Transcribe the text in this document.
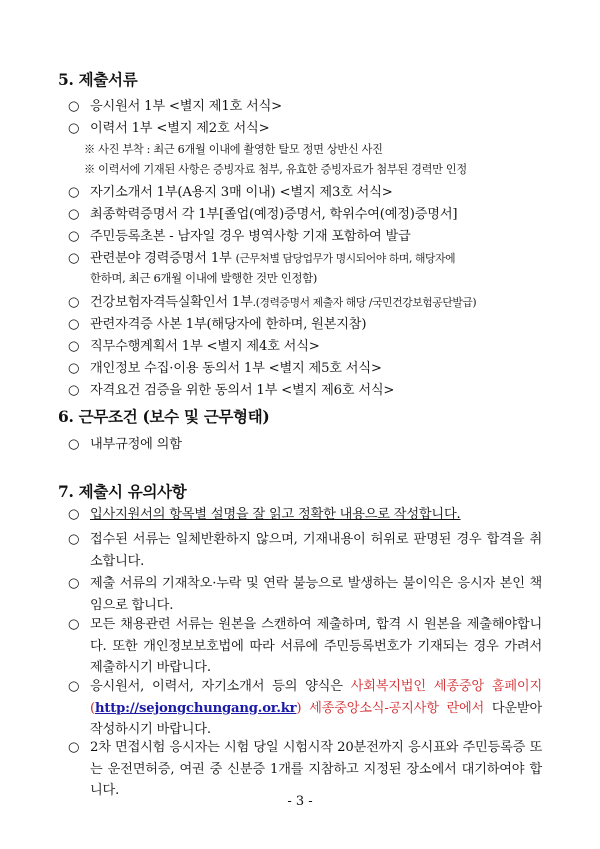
5. 제출서류
○ 응시원서 1부 <별지 제1호 서식>
○ 이력서 1부 <별지 제2호 서식>
※ 사진 부착 : 최근 6개월 이내에 촬영한 탈모 정면 상반신 사진
※ 이력서에 기재된 사항은 증빙자료 첨부, 유효한 증빙자료가 첨부된 경력만 인정
○ 자기소개서 1부(A용지 3매 이내) <별지 제3호 서식>
○ 최종학력증명서 각 1부[졸업(예정)증명서, 학위수여(예정)증명서]
○ 주민등록초본 - 남자일 경우 병역사항 기재 포함하여 발급
○ 관련분야 경력증명서 1부 (근무처별 담당업무가 명시되어야 하며, 해당자에
한하며, 최근 6개월 이내에 발행한 것만 인정함)
○ 건강보험자격득실확인서 1부.(경력증명서 제출자 해당 /국민건강보험공단발급)
○ 관련자격증 사본 1부(해당자에 한하며, 원본지참)
○ 직무수행계획서 1부 <별지 제4호 서식>
○ 개인정보 수집·이용 동의서 1부 <별지 제5호 서식>
○ 자격요건 검증을 위한 동의서 1부 <별지 제6호 서식>
6. 근무조건 (보수 및 근무형태)
○ 내부규정에 의함
7. 제출시 유의사항
○ 입사지원서의 항목별 설명을 잘 읽고 정확한 내용으로 작성합니다.
○ 접수된 서류는 일체반환하지 않으며, 기재내용이 허위로 판명된 경우 합격을 취소합니다.
○ 제출 서류의 기재착오·누락 및 연락 불능으로 발생하는 불이익은 응시자 본인 책임으로 합니다.
○ 모든 채용관련 서류는 원본을 스캔하여 제출하며, 합격 시 원본을 제출해야합니다. 또한 개인정보보호법에 따라 서류에 주민등록번호가 기재되는 경우 가려서 제출하시기 바랍니다.
○ 응시원서, 이력서, 자기소개서 등의 양식은 사회복지법인 세종중앙 홈페이지(http://sejongchungang.or.kr) 세종중앙소식-공지사항 란에서 다운받아 작성하시기 바랍니다.
○ 2차 면접시험 응시자는 시험 당일 시험시작 20분전까지 응시표와 주민등록증 또는 운전면허증, 여권 중 신분증 1개를 지참하고 지정된 장소에서 대기하여야 합니다.
- 3 -
